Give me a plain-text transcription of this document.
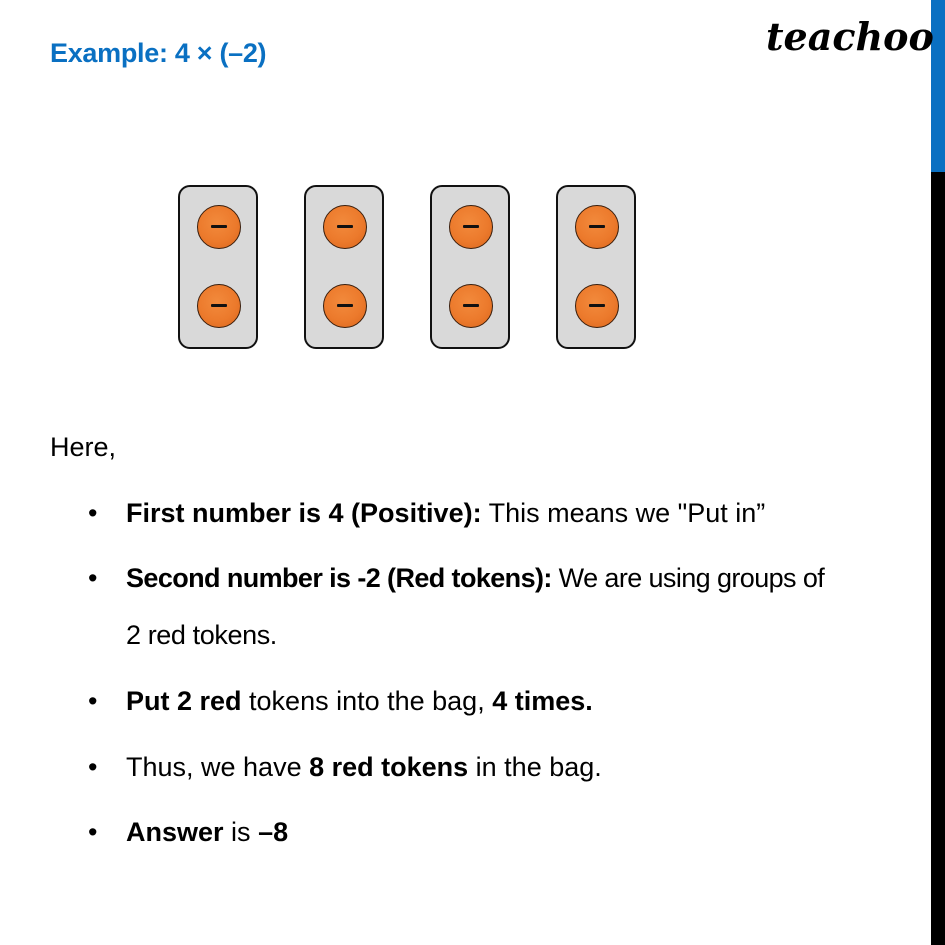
Example: 4 × (–2)	teachoo
Here,
•	First number is 4 (Positive): This means we "Put in”
•	Second number is -2 (Red tokens): We are using groups of
2 red tokens.
•	Put 2 red tokens into the bag, 4 times.
•	Thus, we have 8 red tokens in the bag.
•	Answer is –8
